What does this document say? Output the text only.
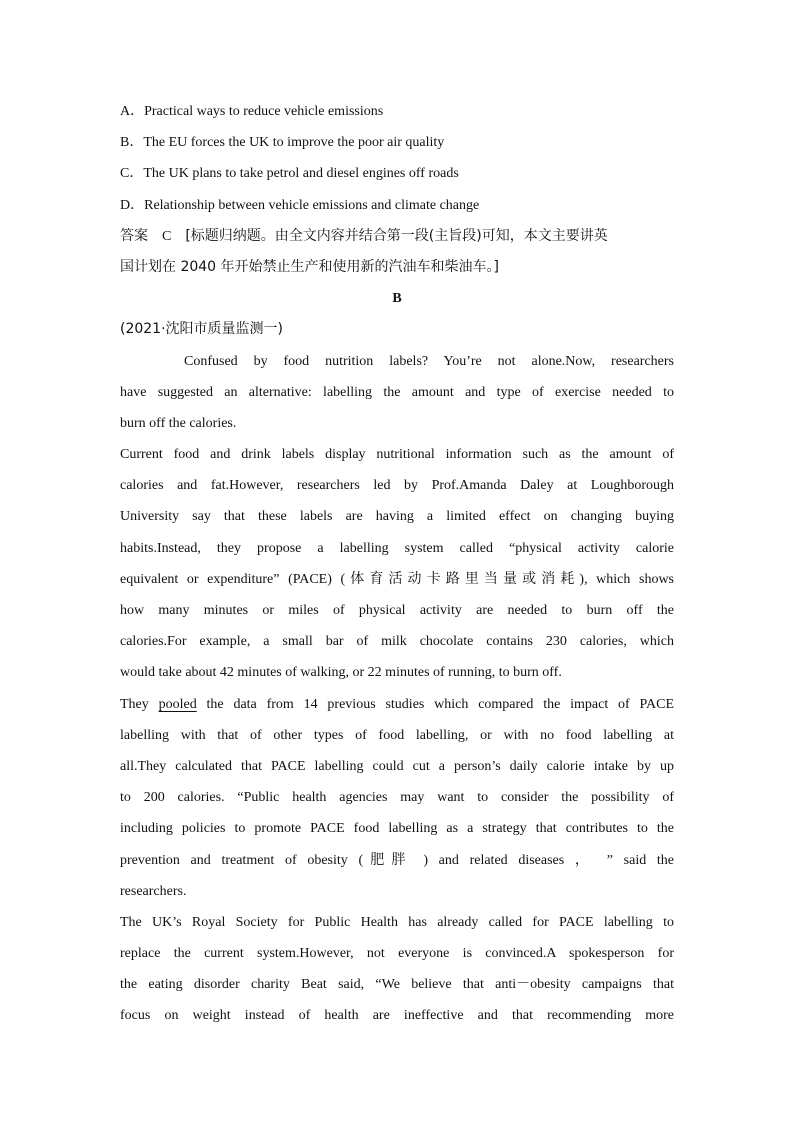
A．Practical ways to reduce vehicle emissions
B．The EU forces the UK to improve the poor air quality
C．The UK plans to take petrol and diesel engines off roads
D．Relationship between vehicle emissions and climate change
答案 C [标题归纳题。由全文内容并结合第一段(主旨段)可知，本文主要讲英
国计划在 2040 年开始禁止生产和使用新的汽油车和柴油车。]
B
(2021·沈阳市质量监测一)
Confused by food nutrition labels? You’re not alone.Now, researchers
have suggested an alternative: labelling the amount and type of exercise needed to
burn off the calories.
Current food and drink labels display nutritional information such as the amount of
calories and fat.However, researchers led by Prof.Amanda Daley at Loughborough
University say that these labels are having a limited effect on changing buying
habits.Instead, they propose a labelling system called “physical activity calorie
equivalent or expenditure” (PACE) (体育活动卡路里当量或消耗), which shows
how many minutes or miles of physical activity are needed to burn off the
calories.For example, a small bar of milk chocolate contains 230 calories, which
would take about 42 minutes of walking, or 22 minutes of running, to burn off.
They pooled the data from 14 previous studies which compared the impact of PACE
labelling with that of other types of food labelling, or with no food labelling at
all.They calculated that PACE labelling could cut a person’s daily calorie intake by up
to 200 calories. “Public health agencies may want to consider the possibility of
including policies to promote PACE food labelling as a strategy that contributes to the
prevention and treatment of obesity (肥胖 ) and related diseases ， ” said the
researchers.
The UK’s Royal Society for Public Health has already called for PACE labelling to
replace the current system.However, not everyone is convinced.A spokesperson for
the eating disorder charity Beat said, “We believe that anti－obesity campaigns that
focus on weight instead of health are ineffective and that recommending more
